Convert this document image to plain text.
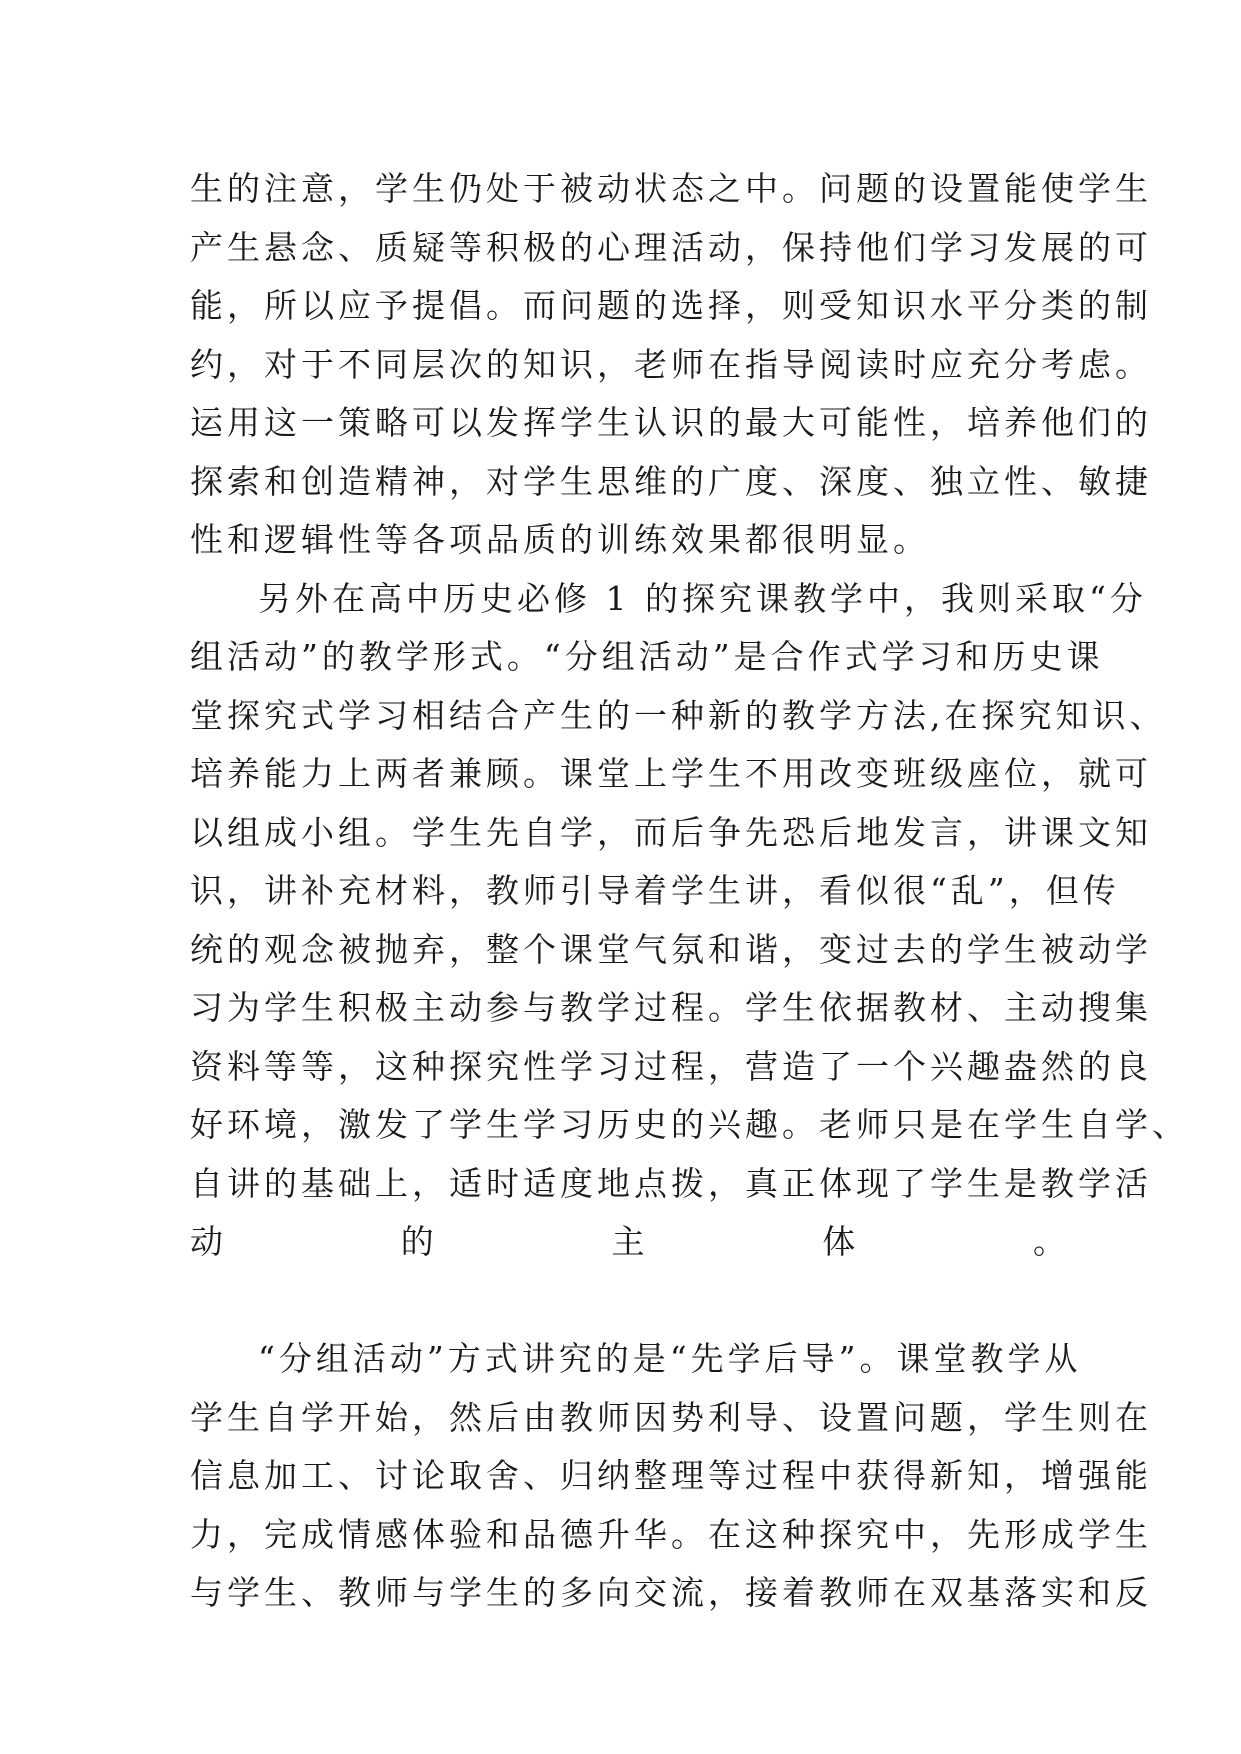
生的注意，学生仍处于被动状态之中。问题的设置能使学生
产生悬念、质疑等积极的心理活动，保持他们学习发展的可
能，所以应予提倡。而问题的选择，则受知识水平分类的制
约，对于不同层次的知识，老师在指导阅读时应充分考虑。
运用这一策略可以发挥学生认识的最大可能性，培养他们的
探索和创造精神，对学生思维的广度、深度、独立性、敏捷
性和逻辑性等各项品质的训练效果都很明显。
另外在高中历史必修 1 的探究课教学中，我则采取“分
组活动”的教学形式。“分组活动”是合作式学习和历史课
堂探究式学习相结合产生的一种新的教学方法,在探究知识、
培养能力上两者兼顾。课堂上学生不用改变班级座位，就可
以组成小组。学生先自学，而后争先恐后地发言，讲课文知
识，讲补充材料，教师引导着学生讲，看似很“乱”，但传
统的观念被抛弃，整个课堂气氛和谐，变过去的学生被动学
习为学生积极主动参与教学过程。学生依据教材、主动搜集
资料等等，这种探究性学习过程，营造了一个兴趣盎然的良
好环境，激发了学生学习历史的兴趣。老师只是在学生自学、
自讲的基础上，适时适度地点拨，真正体现了学生是教学活
动的主体。
“分组活动”方式讲究的是“先学后导”。课堂教学从
学生自学开始，然后由教师因势利导、设置问题，学生则在
信息加工、讨论取舍、归纳整理等过程中获得新知，增强能
力，完成情感体验和品德升华。在这种探究中，先形成学生
与学生、教师与学生的多向交流，接着教师在双基落实和反
